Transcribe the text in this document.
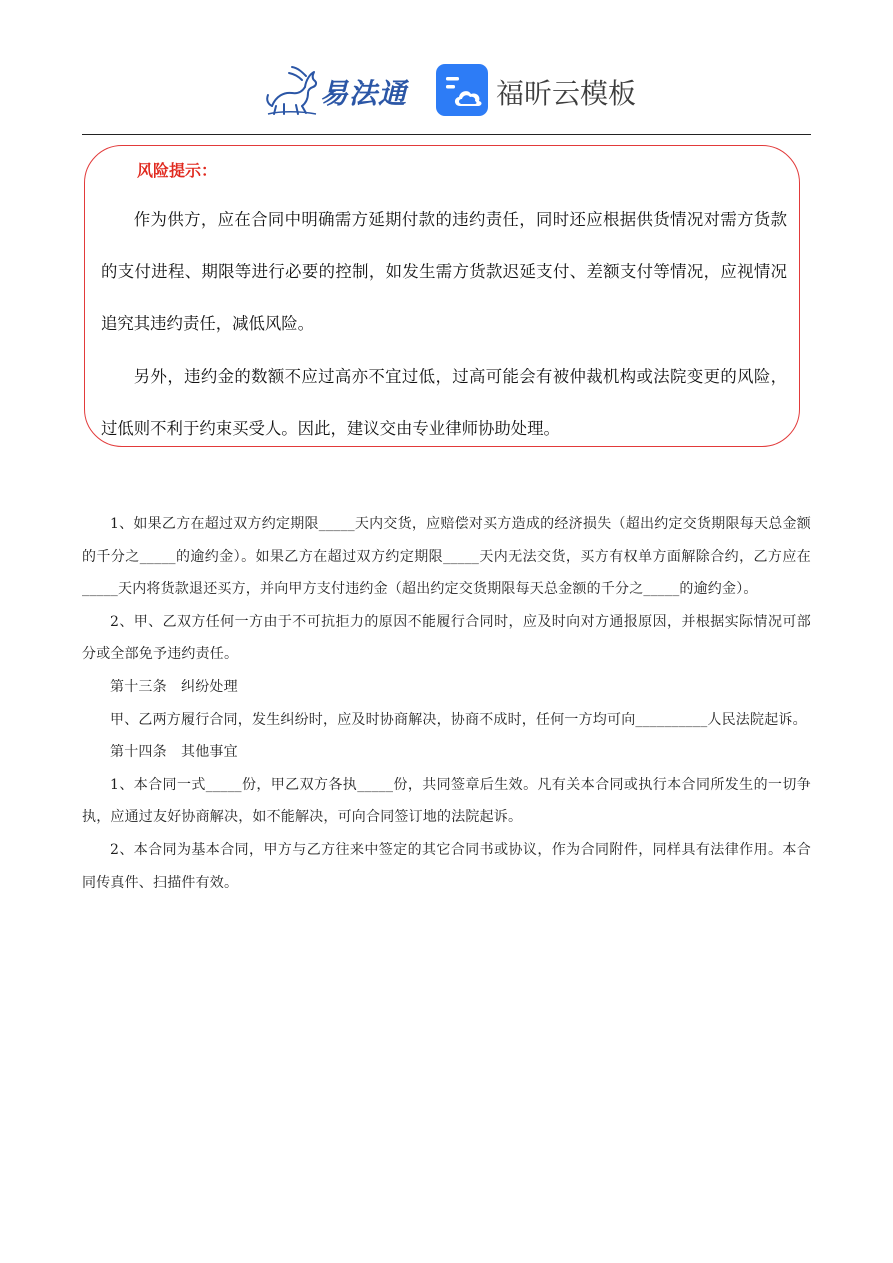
易法通	福昕云模板
风险提示：

作为供方，应在合同中明确需方延期付款的违约责任，同时还应根据供货情况对需方货款的支付进程、期限等进行必要的控制，如发生需方货款迟延支付、差额支付等情况，应视情况追究其违约责任，减低风险。

另外，违约金的数额不应过高亦不宜过低，过高可能会有被仲裁机构或法院变更的风险，过低则不利于约束买受人。因此，建议交由专业律师协助处理。

1、如果乙方在超过双方约定期限_____天内交货，应赔偿对买方造成的经济损失（超出约定交货期限每天总金额的千分之_____的逾约金）。如果乙方在超过双方约定期限_____天内无法交货，买方有权单方面解除合约，乙方应在_____天内将货款退还买方，并向甲方支付违约金（超出约定交货期限每天总金额的千分之_____的逾约金）。

2、甲、乙双方任何一方由于不可抗拒力的原因不能履行合同时，应及时向对方通报原因，并根据实际情况可部分或全部免予违约责任。

第十三条　纠纷处理

甲、乙两方履行合同，发生纠纷时，应及时协商解决，协商不成时，任何一方均可向__________人民法院起诉。

第十四条　其他事宜

1、本合同一式_____份，甲乙双方各执_____份，共同签章后生效。凡有关本合同或执行本合同所发生的一切争执，应通过友好协商解决，如不能解决，可向合同签订地的法院起诉。

2、本合同为基本合同，甲方与乙方往来中签定的其它合同书或协议，作为合同附件，同样具有法律作用。本合同传真件、扫描件有效。
